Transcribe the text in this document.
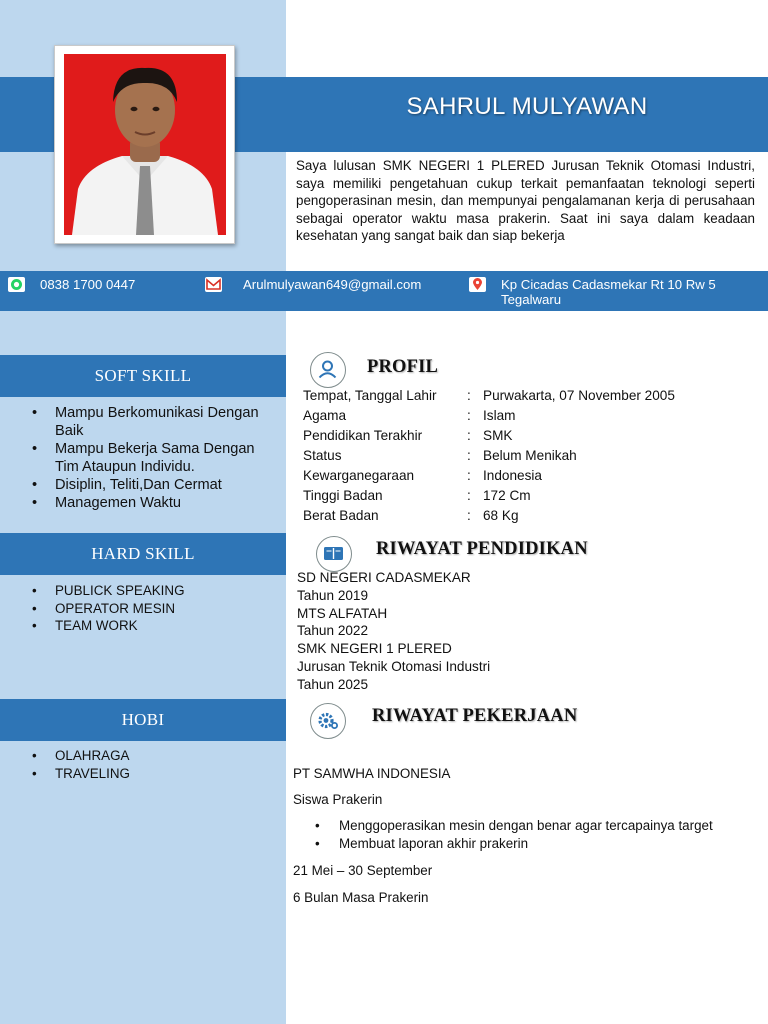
SAHRUL MULYAWAN

Saya lulusan SMK NEGERI 1 PLERED Jurusan Teknik Otomasi Industri, saya memiliki pengetahuan cukup terkait pemanfaatan teknologi seperti pengoperasinan mesin, dan mempunyai pengalamanan kerja di perusahaan sebagai operator waktu masa prakerin. Saat ini saya dalam keadaan kesehatan yang sangat baik dan siap bekerja

0838 1700 0447	Arulmulyawan649@gmail.com	Kp Cicadas Cadasmekar Rt 10 Rw 5
Tegalwaru
SOFT SKILL
• Mampu Berkomunikasi Dengan Baik
• Mampu Bekerja Sama Dengan Tim Ataupun Individu.
• Disiplin, Teliti,Dan Cermat
• Managemen Waktu
HARD SKILL
• PUBLICK SPEAKING
• OPERATOR MESIN
• TEAM WORK
HOBI
• OLAHRAGA
• TRAVELING
PROFIL
Tempat, Tanggal Lahir : Purwakarta, 07 November 2005
Agama	: Islam
Pendidikan Terakhir	: SMK
Status	: Belum Menikah
Kewarganegaraan	: Indonesia
Tinggi Badan	: 172 Cm
Berat Badan	: 68 Kg
RIWAYAT PENDIDIKAN
SD NEGERI CADASMEKAR
Tahun 2019
MTS ALFATAH
Tahun 2022
SMK NEGERI 1 PLERED
Jurusan Teknik Otomasi Industri
Tahun 2025
RIWAYAT PEKERJAAN
PT SAMWHA INDONESIA
Siswa Prakerin
• Menggoperasikan mesin dengan benar agar tercapainya target
• Membuat laporan akhir prakerin
21 Mei – 30 September
6 Bulan Masa Prakerin
